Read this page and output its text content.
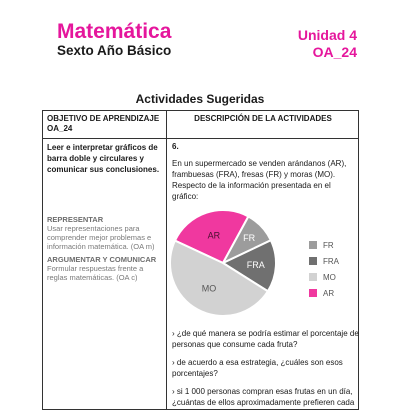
Matemática
Sexto Año Básico
Unidad 4
OA_24
Actividades Sugeridas
OBJETIVO DE APRENDIZAJE OA_24
DESCRIPCIÓN DE LA ACTIVIDADES
Leer e interpretar gráficos de barra doble y circulares y comunicar sus conclusiones.
REPRESENTAR
Usar representaciones para comprender mejor problemas e información matemática. (OA m)
ARGUMENTAR Y COMUNICAR
Formular respuestas frente a reglas matemáticas. (OA c)
6.
En un supermercado se venden arándanos (AR), frambuesas (FRA), fresas (FR) y moras (MO). Respecto de la información presentada en el gráfico:
AR	FR
FRA
MO
FR
FRA
MO
AR
› ¿de qué manera se podría estimar el porcentaje de personas que consume cada fruta?
› de acuerdo a esa estrategia, ¿cuáles son esos porcentajes?
› si 1 000 personas compran esas frutas en un día, ¿cuántas de ellos aproximadamente prefieren cada
